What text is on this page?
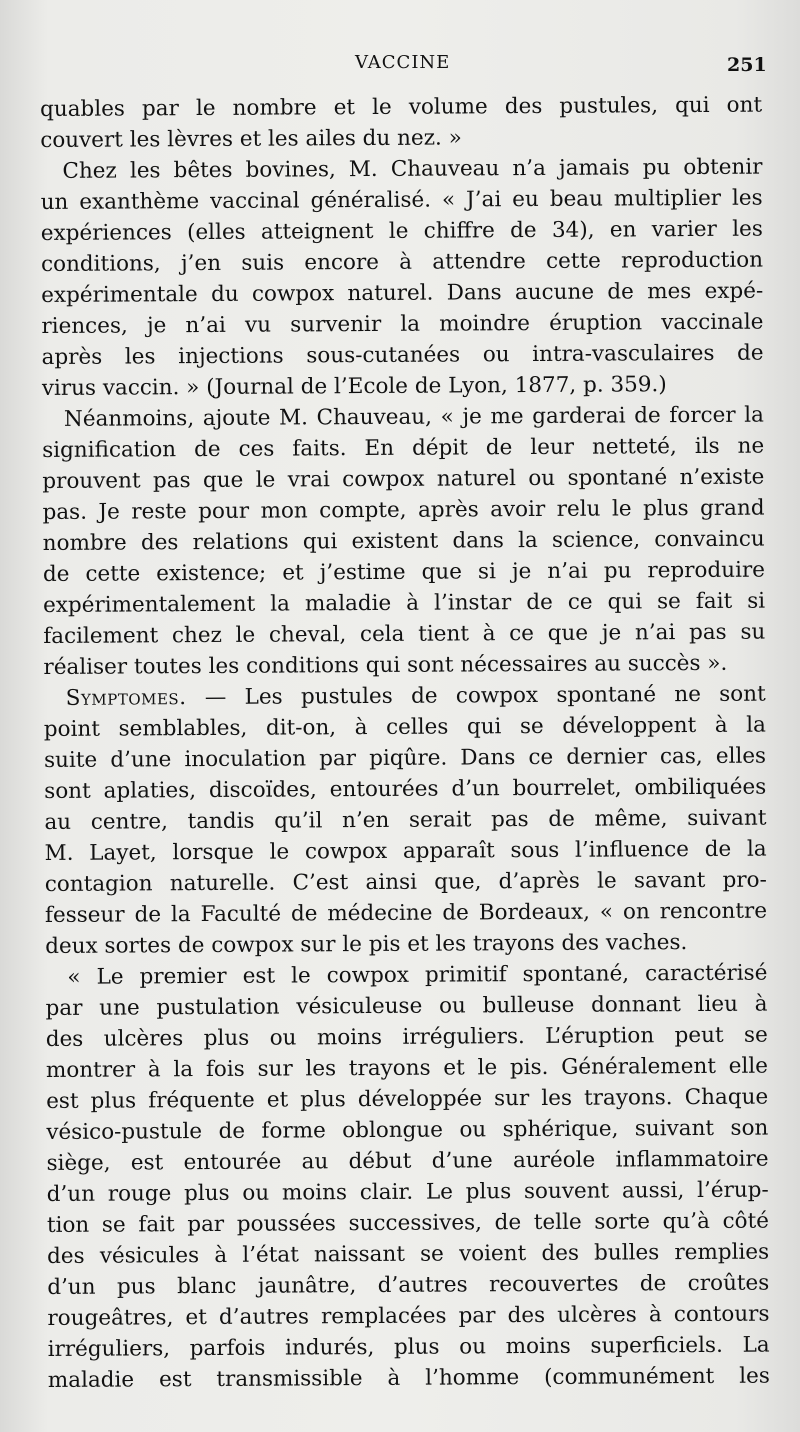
VACCINE	251
quables par le nombre et le volume des pustules, qui ont
couvert les lèvres et les ailes du nez. »
Chez les bêtes bovines, M. Chauveau n’a jamais pu obtenir
un exanthème vaccinal généralisé. « J’ai eu beau multiplier les
expériences (elles atteignent le chiffre de 34), en varier les
conditions, j’en suis encore à attendre cette reproduction
expérimentale du cowpox naturel. Dans aucune de mes expé-
riences, je n’ai vu survenir la moindre éruption vaccinale
après les injections sous-cutanées ou intra-vasculaires de
virus vaccin. » (Journal de l’Ecole de Lyon, 1877, p. 359.)
Néanmoins, ajoute M. Chauveau, « je me garderai de forcer la
signification de ces faits. En dépit de leur netteté, ils ne
prouvent pas que le vrai cowpox naturel ou spontané n’existe
pas. Je reste pour mon compte, après avoir relu le plus grand
nombre des relations qui existent dans la science, convaincu
de cette existence; et j’estime que si je n’ai pu reproduire
expérimentalement la maladie à l’instar de ce qui se fait si
facilement chez le cheval, cela tient à ce que je n’ai pas su
réaliser toutes les conditions qui sont nécessaires au succès ».
Symptomes. — Les pustules de cowpox spontané ne sont
point semblables, dit-on, à celles qui se développent à la
suite d’une inoculation par piqûre. Dans ce dernier cas, elles
sont aplaties, discoïdes, entourées d’un bourrelet, ombiliquées
au centre, tandis qu’il n’en serait pas de même, suivant
M. Layet, lorsque le cowpox apparaît sous l’influence de la
contagion naturelle. C’est ainsi que, d’après le savant pro-
fesseur de la Faculté de médecine de Bordeaux, « on rencontre
deux sortes de cowpox sur le pis et les trayons des vaches.
« Le premier est le cowpox primitif spontané, caractérisé
par une pustulation vésiculeuse ou bulleuse donnant lieu à
des ulcères plus ou moins irréguliers. L’éruption peut se
montrer à la fois sur les trayons et le pis. Généralement elle
est plus fréquente et plus développée sur les trayons. Chaque
vésico-pustule de forme oblongue ou sphérique, suivant son
siège, est entourée au début d’une auréole inflammatoire
d’un rouge plus ou moins clair. Le plus souvent aussi, l’érup-
tion se fait par poussées successives, de telle sorte qu’à côté
des vésicules à l’état naissant se voient des bulles remplies
d’un pus blanc jaunâtre, d’autres recouvertes de croûtes
rougeâtres, et d’autres remplacées par des ulcères à contours
irréguliers, parfois indurés, plus ou moins superficiels. La
maladie est transmissible à l’homme (communément les
